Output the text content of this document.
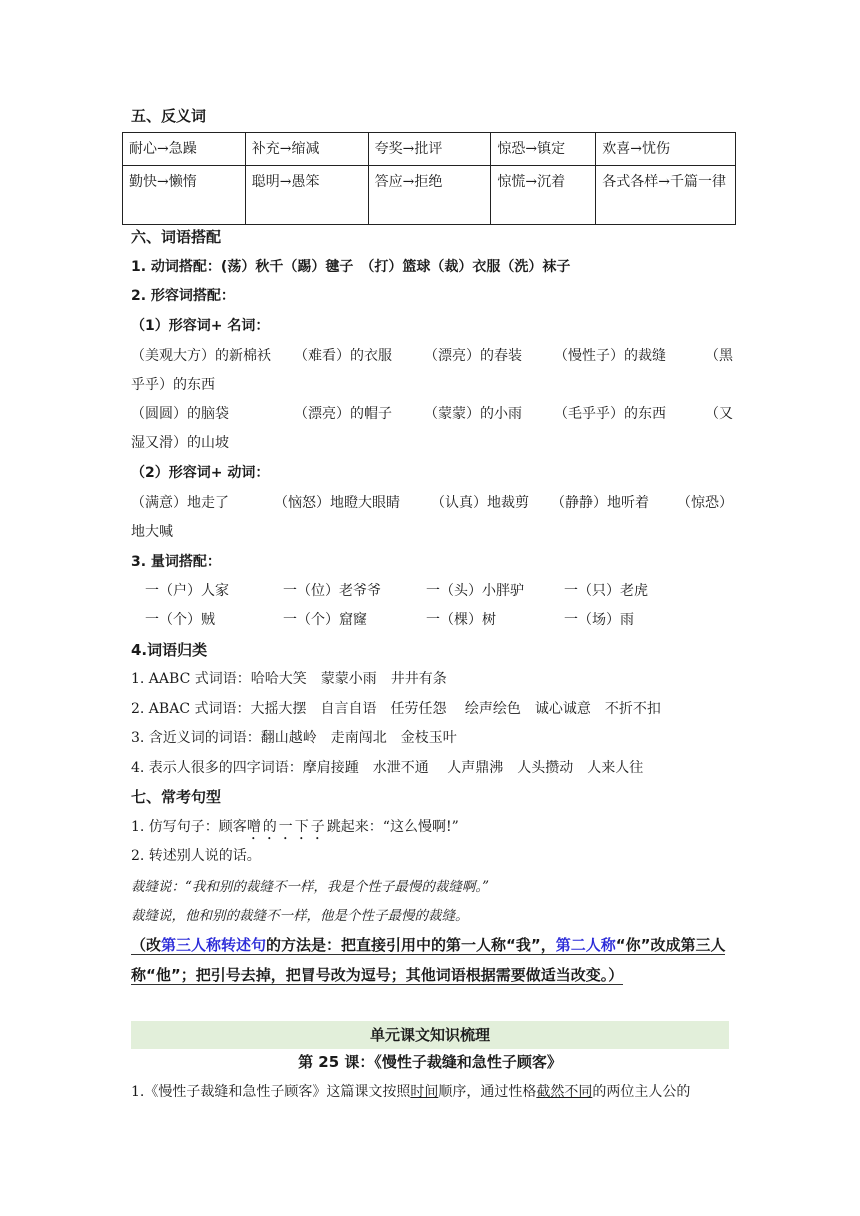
五、反义词
耐心→急躁	补充→缩减	夸奖→批评	惊恐→镇定	欢喜→忧伤
勤快→懒惰	聪明→愚笨	答应→拒绝	惊慌→沉着	各式各样→千篇一律
六、词语搭配
1. 动词搭配：(荡）秋千（踢）毽子　（打）篮球（裁）衣服（洗）袜子
2. 形容词搭配：
（1）形容词+ 名词：
（美观大方）的新棉袄 （难看）的衣服 （漂亮）的春装 （慢性子）的裁缝	（黑
乎乎）的东西
（圆圆）的脑袋	（漂亮）的帽子 （蒙蒙）的小雨 （毛乎乎）的东西	（又
湿又滑）的山坡
（2）形容词+ 动词：
（满意）地走了	（恼怒）地瞪大眼睛 （认真）地裁剪 （静静）地听着 （惊恐）
地大喊
3. 量词搭配：
一（户）人家	一（位）老爷爷	一（头）小胖驴	一（只）老虎
一（个）贼	一（个）窟窿	一（棵）树	一（场）雨
4.词语归类
1. AABC 式词语：哈哈大笑　蒙蒙小雨　井井有条
2. ABAC 式词语：大摇大摆　自言自语　任劳任怨　 绘声绘色　诚心诚意　不折不扣
3. 含近义词的词语：翻山越岭　走南闯北　金枝玉叶
4. 表示人很多的四字词语：摩肩接踵　水泄不通　 人声鼎沸　人头攒动　人来人往
七、常考句型
1. 仿写句子：顾客噌的一下子跳起来：“这么慢啊!”
2. 转述别人说的话。
裁缝说：“我和别的裁缝不一样，我是个性子最慢的裁缝啊。”
裁缝说，他和别的裁缝不一样，他是个性子最慢的裁缝。
（改第三人称转述句的方法是：把直接引用中的第一人称“我”，第二人称“你”改成第三人称“他”；把引号去掉，把冒号改为逗号；其他词语根据需要做适当改变。）
单元课文知识梳理
第 25 课：《慢性子裁缝和急性子顾客》
1.《慢性子裁缝和急性子顾客》这篇课文按照时间顺序，通过性格截然不同的两位主人公的
